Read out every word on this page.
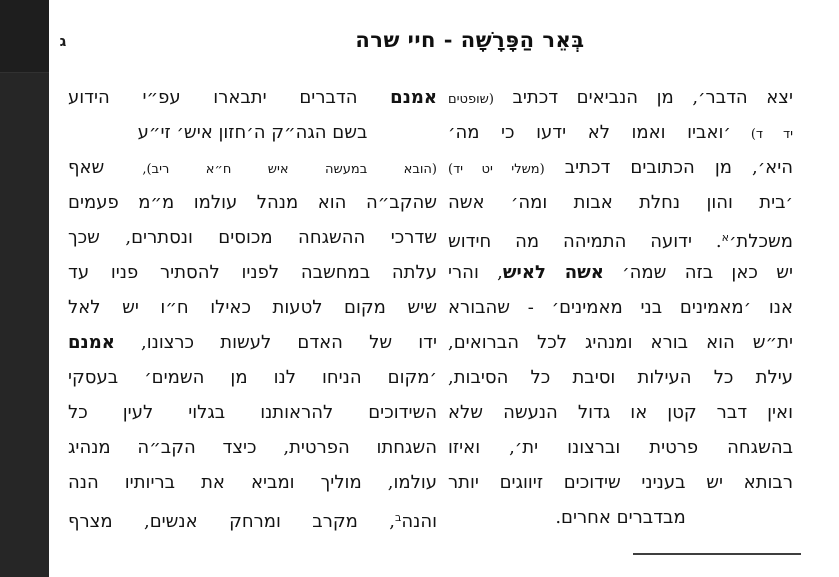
ג	בְּאֵר הַפָּרָשָׁה - חיי שרה
יצא הדבר׳, מן הנביאים דכתיב (שופטים
יד ד) ׳ואביו ואמו לא ידעו כי מה׳
היא׳, מן הכתובים דכתיב (משלי יט יד)
׳בית והון נחלת אבות ומה׳ אשה
משכלת׳$^א$. ידועה התמיהה מה חידוש
יש כאן בזה שמה׳ אשה לאיש, והרי
אנו ׳מאמינים בני מאמינים׳ - שהבורא
ית״ש הוא בורא ומנהיג לכל הברואים,
עילת כל העילות וסיבת כל הסיבות,
ואין דבר קטן או גדול הנעשה שלא
בהשגחה פרטית וברצונו ית׳, ואיזו
רבותא יש בעניני שידוכים זיווגים יותר
מבדברים אחרים.
אמנם הדברים יתבארו עפ״י הידוע
בשם הגה״ק ה׳חזון איש׳ זי״ע
(הובא במעשה איש ח״א ריב), שאף
שהקב״ה הוא מנהל עולמו מ״מ פעמים
שדרכי ההשגחה מכוסים ונסתרים, שכך
עלתה במחשבה לפניו להסתיר פניו עד
שיש מקום לטעות כאילו ח״ו יש לאל
ידו של האדם לעשות כרצונו, אמנם
׳מקום הניחו לנו מן השמים׳ בעסקי
השידוכים להראותנו בגלוי לעין כל
השגחתו הפרטית, כיצד הקב״ה מנהיג
עולמו, מוליך ומביא את בריותיו הנה
והנה$^ב$, מקרב ומרחק אנשים, מצרף
